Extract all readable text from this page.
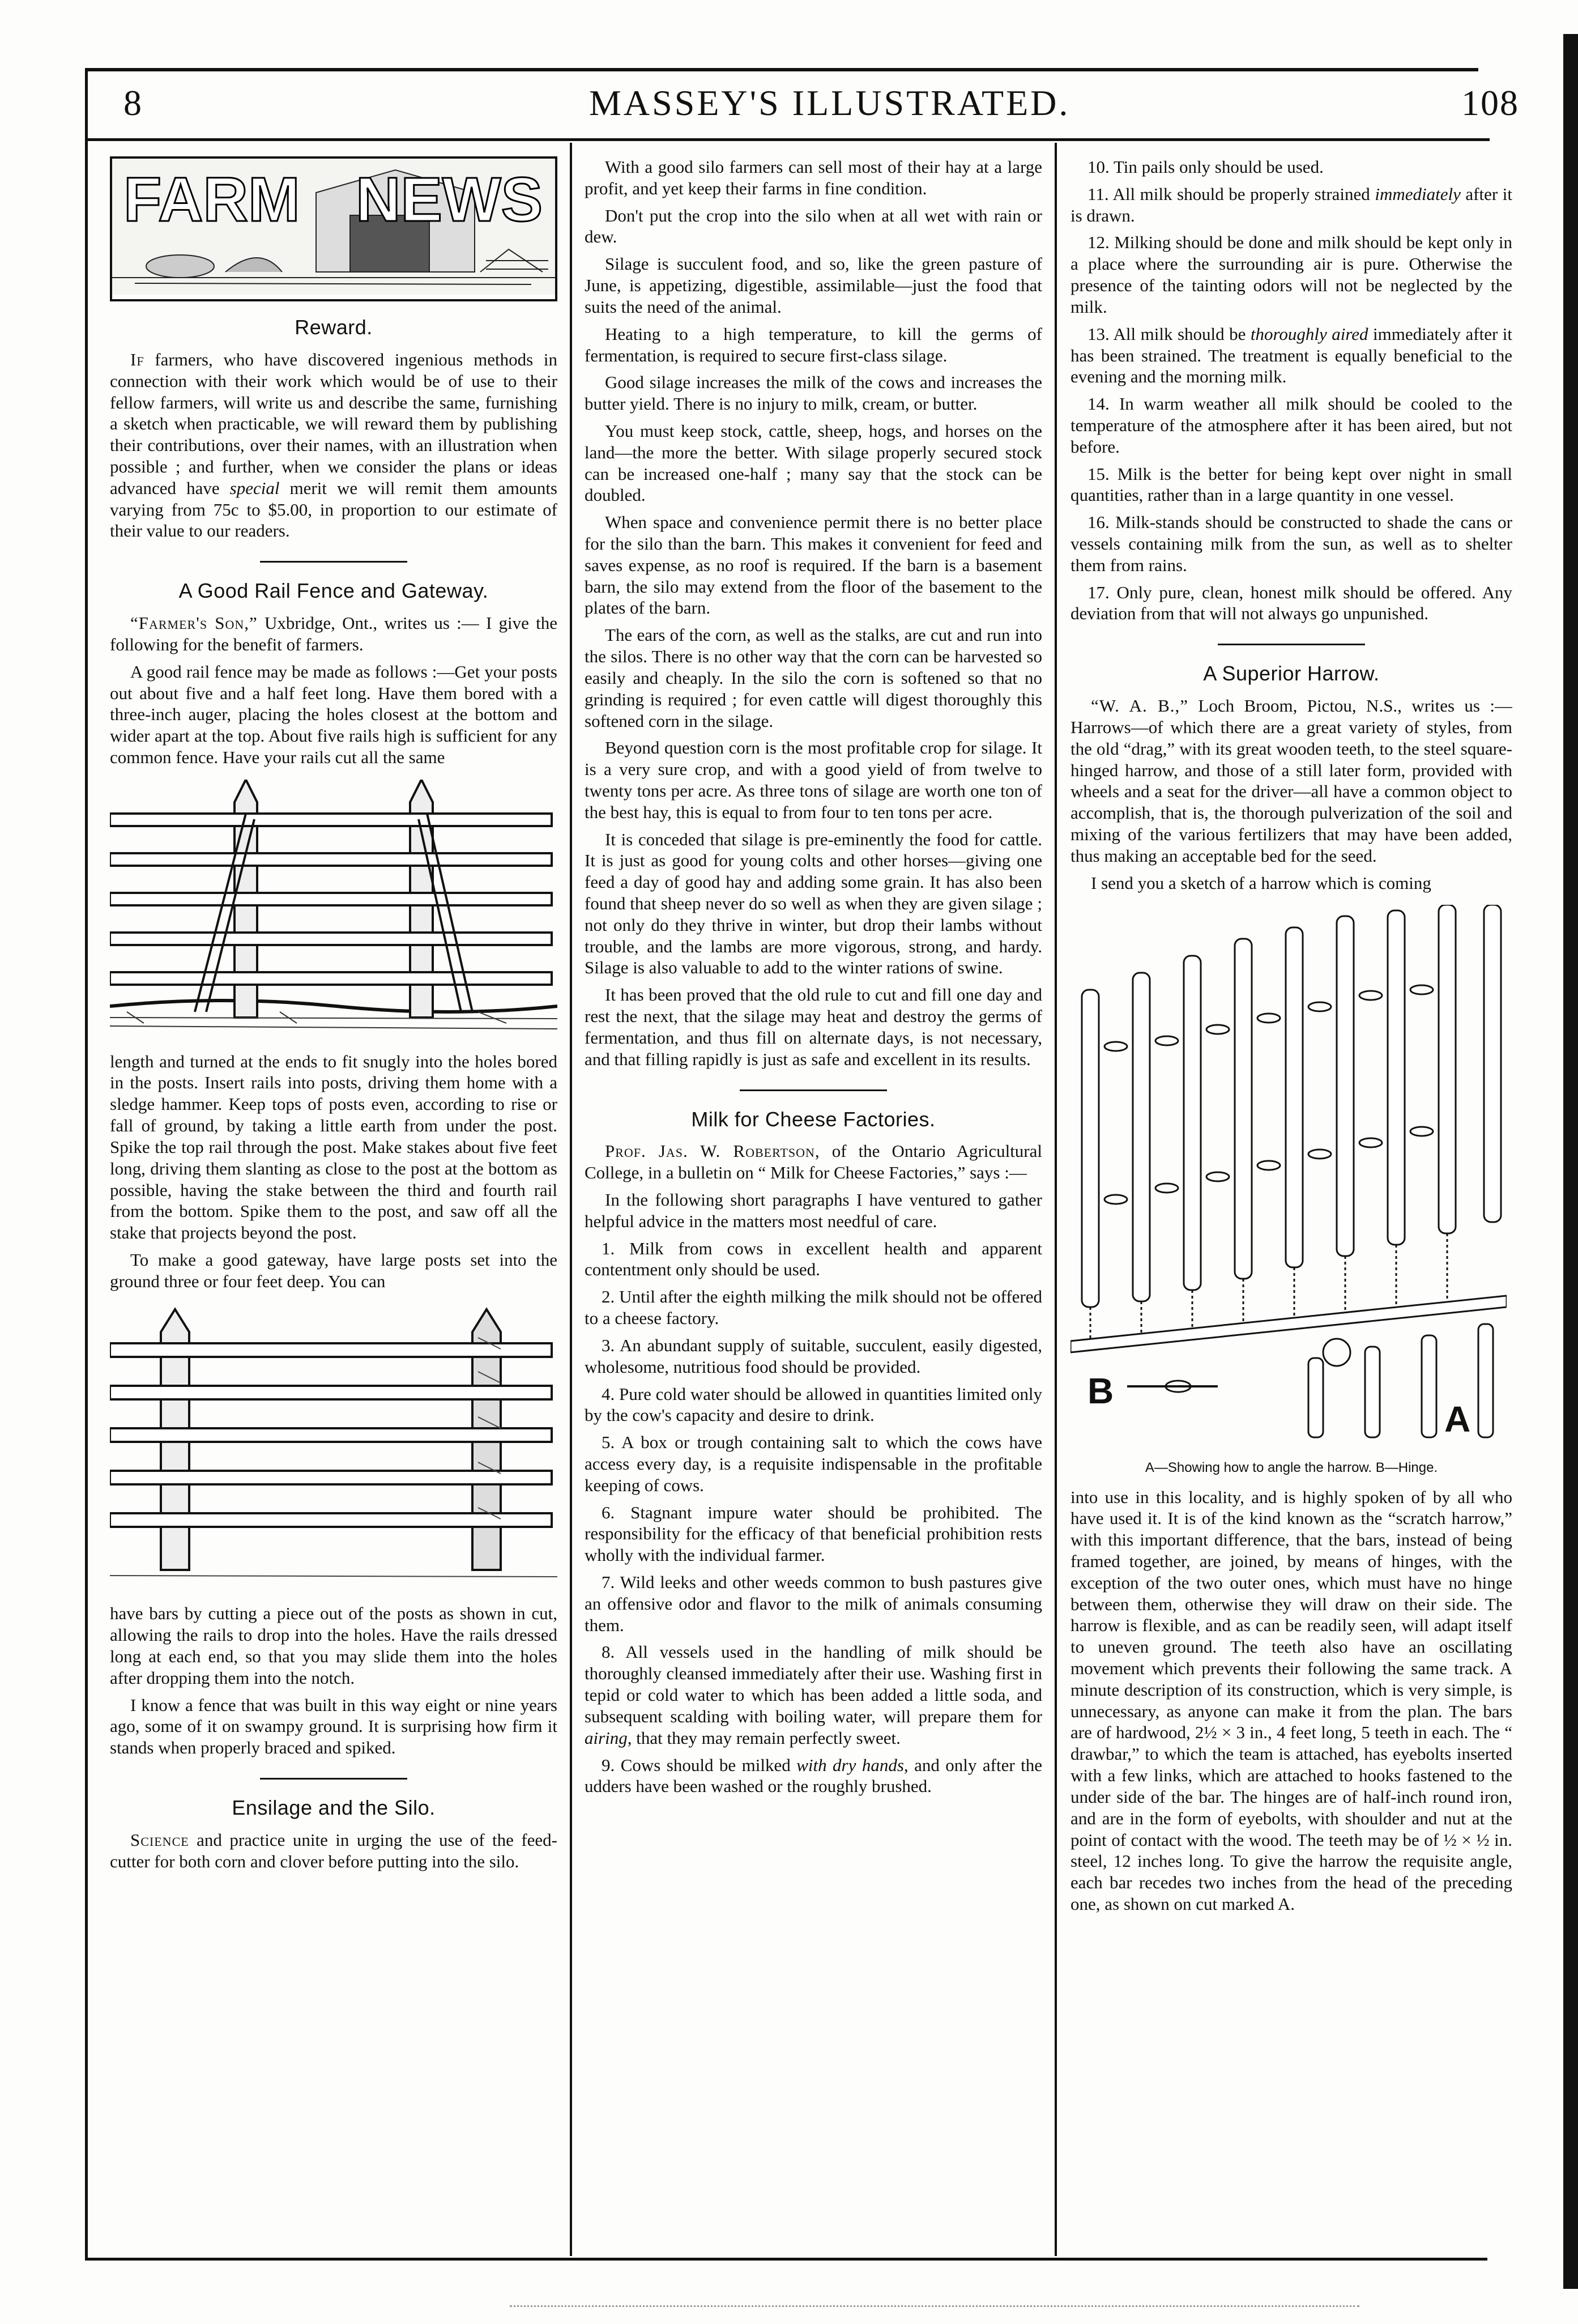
8	MASSEY'S ILLUSTRATED.	108
FARM NEWS
Reward.

If farmers, who have discovered ingenious methods in connection with their work which would be of use to their fellow farmers, will write us and describe the same, furnishing a sketch when practicable, we will reward them by publishing their contributions, over their names, with an illustration when possible ; and further, when we consider the plans or ideas advanced have special merit we will remit them amounts varying from 75c to $5.00, in proportion to our estimate of their value to our readers.

A Good Rail Fence and Gateway.

“Farmer's Son,” Uxbridge, Ont., writes us :— I give the following for the benefit of farmers.

A good rail fence may be made as follows :—Get your posts out about five and a half feet long. Have them bored with a three-inch auger, placing the holes closest at the bottom and wider apart at the top. About five rails high is sufficient for any common fence. Have your rails cut all the same

length and turned at the ends to fit snugly into the holes bored in the posts. Insert rails into posts, driving them home with a sledge hammer. Keep tops of posts even, according to rise or fall of ground, by taking a little earth from under the post. Spike the top rail through the post. Make stakes about five feet long, driving them slanting as close to the post at the bottom as possible, having the stake between the third and fourth rail from the bottom. Spike them to the post, and saw off all the stake that projects beyond the post.

To make a good gateway, have large posts set into the ground three or four feet deep. You can

have bars by cutting a piece out of the posts as shown in cut, allowing the rails to drop into the holes. Have the rails dressed long at each end, so that you may slide them into the holes after dropping them into the notch.

I know a fence that was built in this way eight or nine years ago, some of it on swampy ground. It is surprising how firm it stands when properly braced and spiked.

Ensilage and the Silo.

Science and practice unite in urging the use of the feed-cutter for both corn and clover before putting into the silo.

With a good silo farmers can sell most of their hay at a large profit, and yet keep their farms in fine condition.

Don't put the crop into the silo when at all wet with rain or dew.

Silage is succulent food, and so, like the green pasture of June, is appetizing, digestible, assimilable—just the food that suits the need of the animal.

Heating to a high temperature, to kill the germs of fermentation, is required to secure first-class silage.

Good silage increases the milk of the cows and increases the butter yield. There is no injury to milk, cream, or butter.

You must keep stock, cattle, sheep, hogs, and horses on the land—the more the better. With silage properly secured stock can be increased one-half ; many say that the stock can be doubled.

When space and convenience permit there is no better place for the silo than the barn. This makes it convenient for feed and saves expense, as no roof is required. If the barn is a basement barn, the silo may extend from the floor of the basement to the plates of the barn.

The ears of the corn, as well as the stalks, are cut and run into the silos. There is no other way that the corn can be harvested so easily and cheaply. In the silo the corn is softened so that no grinding is required ; for even cattle will digest thoroughly this softened corn in the silage.

Beyond question corn is the most profitable crop for silage. It is a very sure crop, and with a good yield of from twelve to twenty tons per acre. As three tons of silage are worth one ton of the best hay, this is equal to from four to ten tons per acre.

It is conceded that silage is pre-eminently the food for cattle. It is just as good for young colts and other horses—giving one feed a day of good hay and adding some grain. It has also been found that sheep never do so well as when they are given silage ; not only do they thrive in winter, but drop their lambs without trouble, and the lambs are more vigorous, strong, and hardy. Silage is also valuable to add to the winter rations of swine.

It has been proved that the old rule to cut and fill one day and rest the next, that the silage may heat and destroy the germs of fermentation, and thus fill on alternate days, is not necessary, and that filling rapidly is just as safe and excellent in its results.

Milk for Cheese Factories.

Prof. Jas. W. Robertson, of the Ontario Agricultural College, in a bulletin on “ Milk for Cheese Factories,” says :—

In the following short paragraphs I have ventured to gather helpful advice in the matters most needful of care.

1. Milk from cows in excellent health and apparent contentment only should be used.

2. Until after the eighth milking the milk should not be offered to a cheese factory.

3. An abundant supply of suitable, succulent, easily digested, wholesome, nutritious food should be provided.

4. Pure cold water should be allowed in quantities limited only by the cow's capacity and desire to drink.

5. A box or trough containing salt to which the cows have access every day, is a requisite indispensable in the profitable keeping of cows.

6. Stagnant impure water should be prohibited. The responsibility for the efficacy of that beneficial prohibition rests wholly with the individual farmer.

7. Wild leeks and other weeds common to bush pastures give an offensive odor and flavor to the milk of animals consuming them.

8. All vessels used in the handling of milk should be thoroughly cleansed immediately after their use. Washing first in tepid or cold water to which has been added a little soda, and subsequent scalding with boiling water, will prepare them for airing, that they may remain perfectly sweet.

9. Cows should be milked with dry hands, and only after the udders have been washed or the roughly brushed.

10. Tin pails only should be used.

11. All milk should be properly strained immediately after it is drawn.

12. Milking should be done and milk should be kept only in a place where the surrounding air is pure. Otherwise the presence of the tainting odors will not be neglected by the milk.

13. All milk should be thoroughly aired immediately after it has been strained. The treatment is equally beneficial to the evening and the morning milk.

14. In warm weather all milk should be cooled to the temperature of the atmosphere after it has been aired, but not before.

15. Milk is the better for being kept over night in small quantities, rather than in a large quantity in one vessel.

16. Milk-stands should be constructed to shade the cans or vessels containing milk from the sun, as well as to shelter them from rains.

17. Only pure, clean, honest milk should be offered. Any deviation from that will not always go unpunished.

A Superior Harrow.

“W. A. B.,” Loch Broom, Pictou, N.S., writes us :—Harrows—of which there are a great variety of styles, from the old “drag,” with its great wooden teeth, to the steel square-hinged harrow, and those of a still later form, provided with wheels and a seat for the driver—all have a common object to accomplish, that is, the thorough pulverization of the soil and mixing of the various fertilizers that may have been added, thus making an acceptable bed for the seed.

I send you a sketch of a harrow which is coming

B
A
A—Showing how to angle the harrow. B—Hinge.

into use in this locality, and is highly spoken of by all who have used it. It is of the kind known as the “scratch harrow,” with this important difference, that the bars, instead of being framed together, are joined, by means of hinges, with the exception of the two outer ones, which must have no hinge between them, otherwise they will draw on their side. The harrow is flexible, and as can be readily seen, will adapt itself to uneven ground. The teeth also have an oscillating movement which prevents their following the same track. A minute description of its construction, which is very simple, is unnecessary, as anyone can make it from the plan. The bars are of hardwood, 2½ × 3 in., 4 feet long, 5 teeth in each. The “ drawbar,” to which the team is attached, has eyebolts inserted with a few links, which are attached to hooks fastened to the under side of the bar. The hinges are of half-inch round iron, and are in the form of eyebolts, with shoulder and nut at the point of contact with the wood. The teeth may be of ½ × ½ in. steel, 12 inches long. To give the harrow the requisite angle, each bar recedes two inches from the head of the preceding one, as shown on cut marked A.
